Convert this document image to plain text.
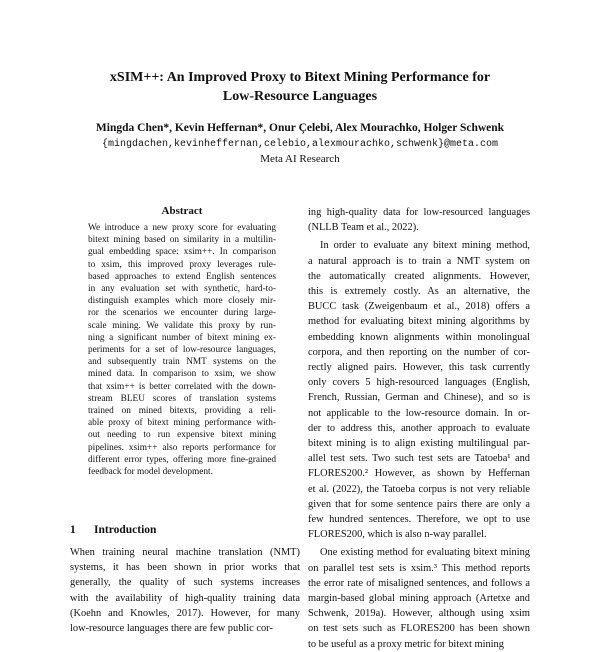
xSIM++: An Improved Proxy to Bitext Mining Performance for
Low-Resource Languages
Mingda Chen*, Kevin Heffernan*, Onur Çelebi, Alex Mourachko, Holger Schwenk
{mingdachen,kevinheffernan,celebio,alexmourachko,schwenk}@meta.com
Meta AI Research
Abstract
We introduce a new proxy score for evaluating
bitext mining based on similarity in a multilin-
gual embedding space: xsim++. In comparison
to xsim, this improved proxy leverages rule-
based approaches to extend English sentences
in any evaluation set with synthetic, hard-to-
distinguish examples which more closely mir-
ror the scenarios we encounter during large-
scale mining. We validate this proxy by run-
ning a significant number of bitext mining ex-
periments for a set of low-resource languages,
and subsequently train NMT systems on the
mined data. In comparison to xsim, we show
that xsim++ is better correlated with the down-
stream BLEU scores of translation systems
trained on mined bitexts, providing a reli-
able proxy of bitext mining performance with-
out needing to run expensive bitext mining
pipelines. xsim++ also reports performance for
different error types, offering more fine-grained
feedback for model development.
1 Introduction
When training neural machine translation (NMT)
systems, it has been shown in prior works that
generally, the quality of such systems increases
with the availability of high-quality training data
(Koehn and Knowles, 2017). However, for many
low-resource languages there are few public cor-
ing high-quality data for low-resourced languages
(NLLB Team et al., 2022).
In order to evaluate any bitext mining method,
a natural approach is to train a NMT system on
the automatically created alignments. However,
this is extremely costly. As an alternative, the
BUCC task (Zweigenbaum et al., 2018) offers a
method for evaluating bitext mining algorithms by
embedding known alignments within monolingual
corpora, and then reporting on the number of cor-
rectly aligned pairs. However, this task currently
only covers 5 high-resourced languages (English,
French, Russian, German and Chinese), and so is
not applicable to the low-resource domain. In or-
der to address this, another approach to evaluate
bitext mining is to align existing multilingual par-
allel test sets. Two such test sets are Tatoeba¹ and
FLORES200.² However, as shown by Heffernan
et al. (2022), the Tatoeba corpus is not very reliable
given that for some sentence pairs there are only a
few hundred sentences. Therefore, we opt to use
FLORES200, which is also n-way parallel.
One existing method for evaluating bitext mining
on parallel test sets is xsim.³ This method reports
the error rate of misaligned sentences, and follows a
margin-based global mining approach (Artetxe and
Schwenk, 2019a). However, although using xsim
on test sets such as FLORES200 has been shown
to be useful as a proxy metric for bitext mining
